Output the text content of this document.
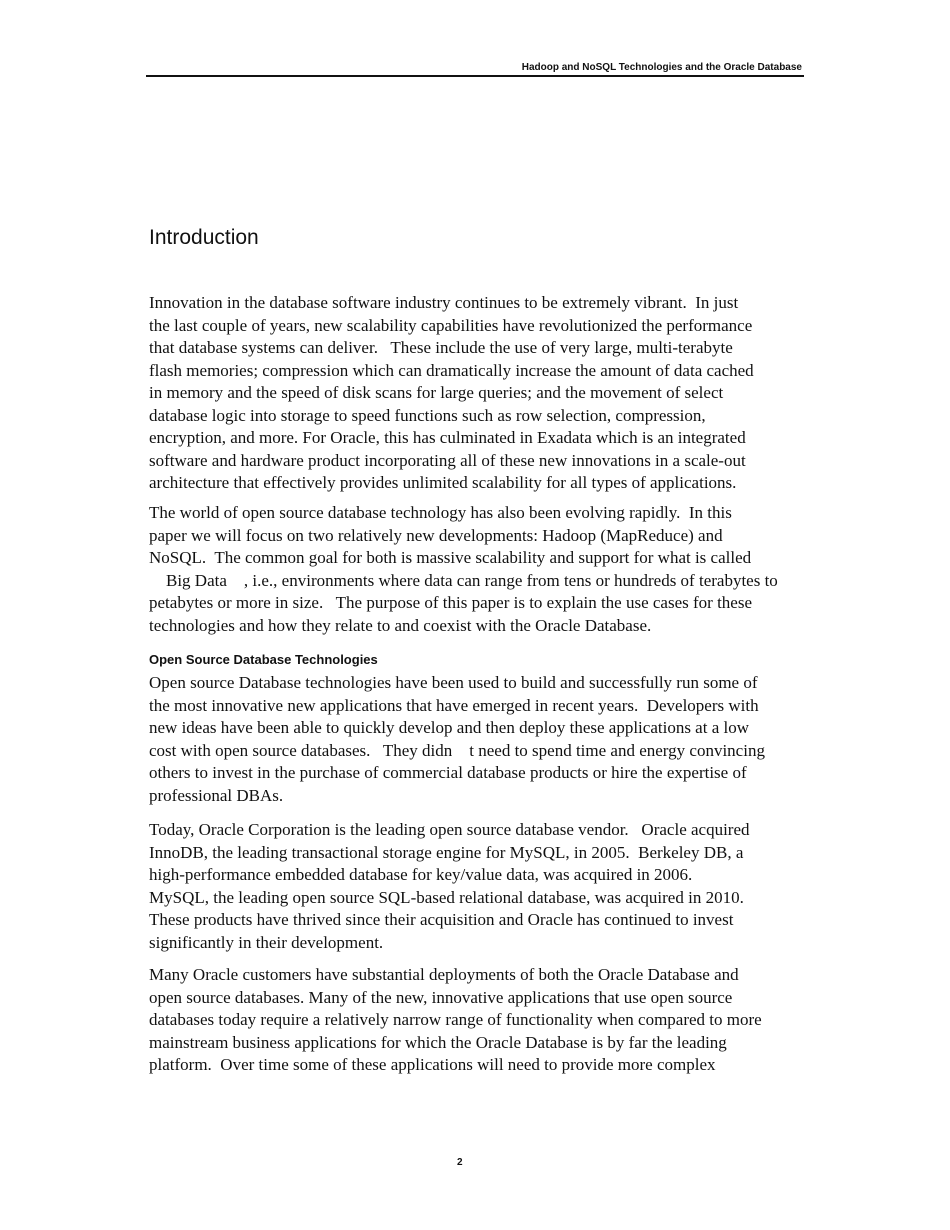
Hadoop and NoSQL Technologies and the Oracle Database
Introduction
Innovation in the database software industry continues to be extremely vibrant.  In just
the last couple of years, new scalability capabilities have revolutionized the performance
that database systems can deliver.   These include the use of very large, multi-terabyte
flash memories; compression which can dramatically increase the amount of data cached
in memory and the speed of disk scans for large queries; and the movement of select
database logic into storage to speed functions such as row selection, compression,
encryption, and more. For Oracle, this has culminated in Exadata which is an integrated
software and hardware product incorporating all of these new innovations in a scale-out
architecture that effectively provides unlimited scalability for all types of applications.
The world of open source database technology has also been evolving rapidly.  In this
paper we will focus on two relatively new developments: Hadoop (MapReduce) and
NoSQL.  The common goal for both is massive scalability and support for what is called
Big Data    , i.e., environments where data can range from tens or hundreds of terabytes to
petabytes or more in size.   The purpose of this paper is to explain the use cases for these
technologies and how they relate to and coexist with the Oracle Database.
Open Source Database Technologies
Open source Database technologies have been used to build and successfully run some of
the most innovative new applications that have emerged in recent years.  Developers with
new ideas have been able to quickly develop and then deploy these applications at a low
cost with open source databases.   They didn    t need to spend time and energy convincing
others to invest in the purchase of commercial database products or hire the expertise of
professional DBAs.
Today, Oracle Corporation is the leading open source database vendor.   Oracle acquired
InnoDB, the leading transactional storage engine for MySQL, in 2005.  Berkeley DB, a
high-performance embedded database for key/value data, was acquired in 2006.
MySQL, the leading open source SQL-based relational database, was acquired in 2010.
These products have thrived since their acquisition and Oracle has continued to invest
significantly in their development.
Many Oracle customers have substantial deployments of both the Oracle Database and
open source databases. Many of the new, innovative applications that use open source
databases today require a relatively narrow range of functionality when compared to more
mainstream business applications for which the Oracle Database is by far the leading
platform.  Over time some of these applications will need to provide more complex
2
